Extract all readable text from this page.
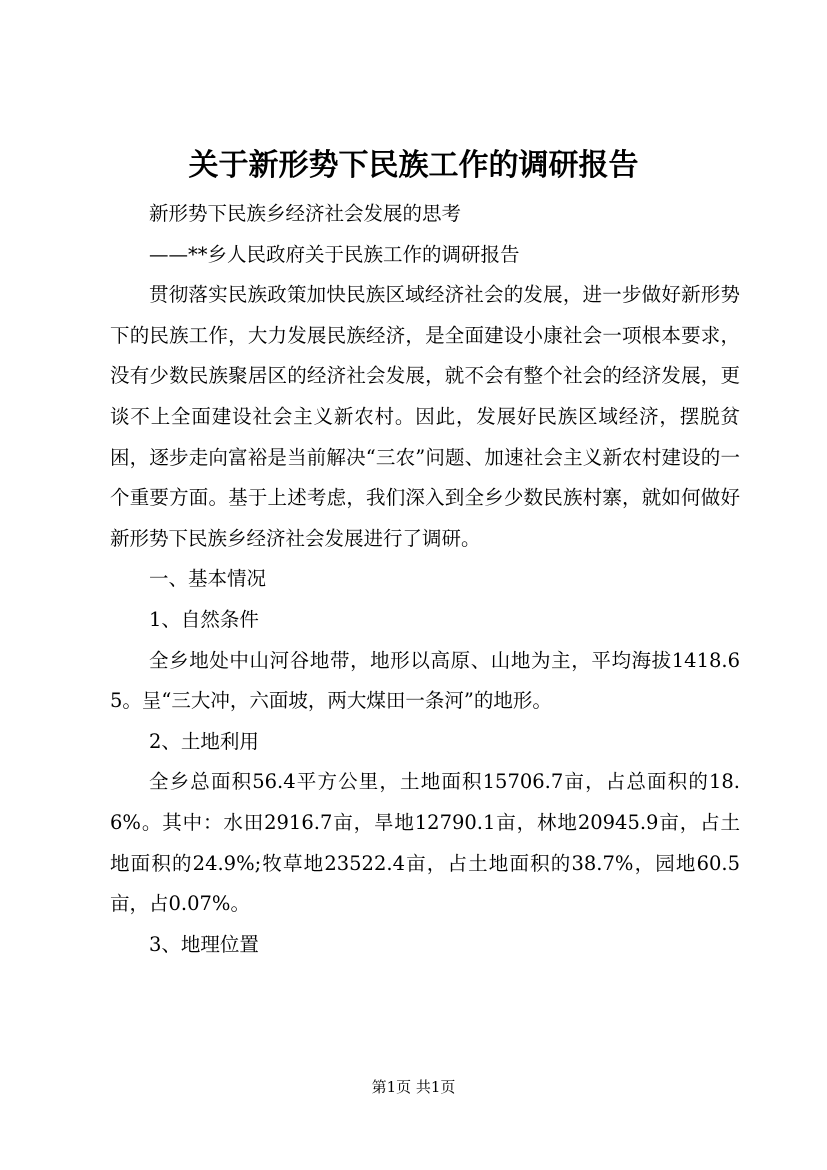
关于新形势下民族工作的调研报告

新形势下民族乡经济社会发展的思考

——**乡人民政府关于民族工作的调研报告

贯彻落实民族政策加快民族区域经济社会的发展，进一步做好新形势下的民族工作，大力发展民族经济，是全面建设小康社会一项根本要求，没有少数民族聚居区的经济社会发展，就不会有整个社会的经济发展，更谈不上全面建设社会主义新农村。因此，发展好民族区域经济，摆脱贫困，逐步走向富裕是当前解决“三农”问题、加速社会主义新农村建设的一个重要方面。基于上述考虑，我们深入到全乡少数民族村寨，就如何做好新形势下民族乡经济社会发展进行了调研。

一、基本情况

1、自然条件

全乡地处中山河谷地带，地形以高原、山地为主，平均海拔1418.65。呈“三大冲，六面坡，两大煤田一条河”的地形。

2、土地利用

全乡总面积56.4平方公里，土地面积15706.7亩，占总面积的18.6%。其中：水田2916.7亩，旱地12790.1亩，林地20945.9亩，占土地面积的24.9%;牧草地23522.4亩，占土地面积的38.7%，园地60.5亩，占0.07%。

3、地理位置

第1页 共1页
